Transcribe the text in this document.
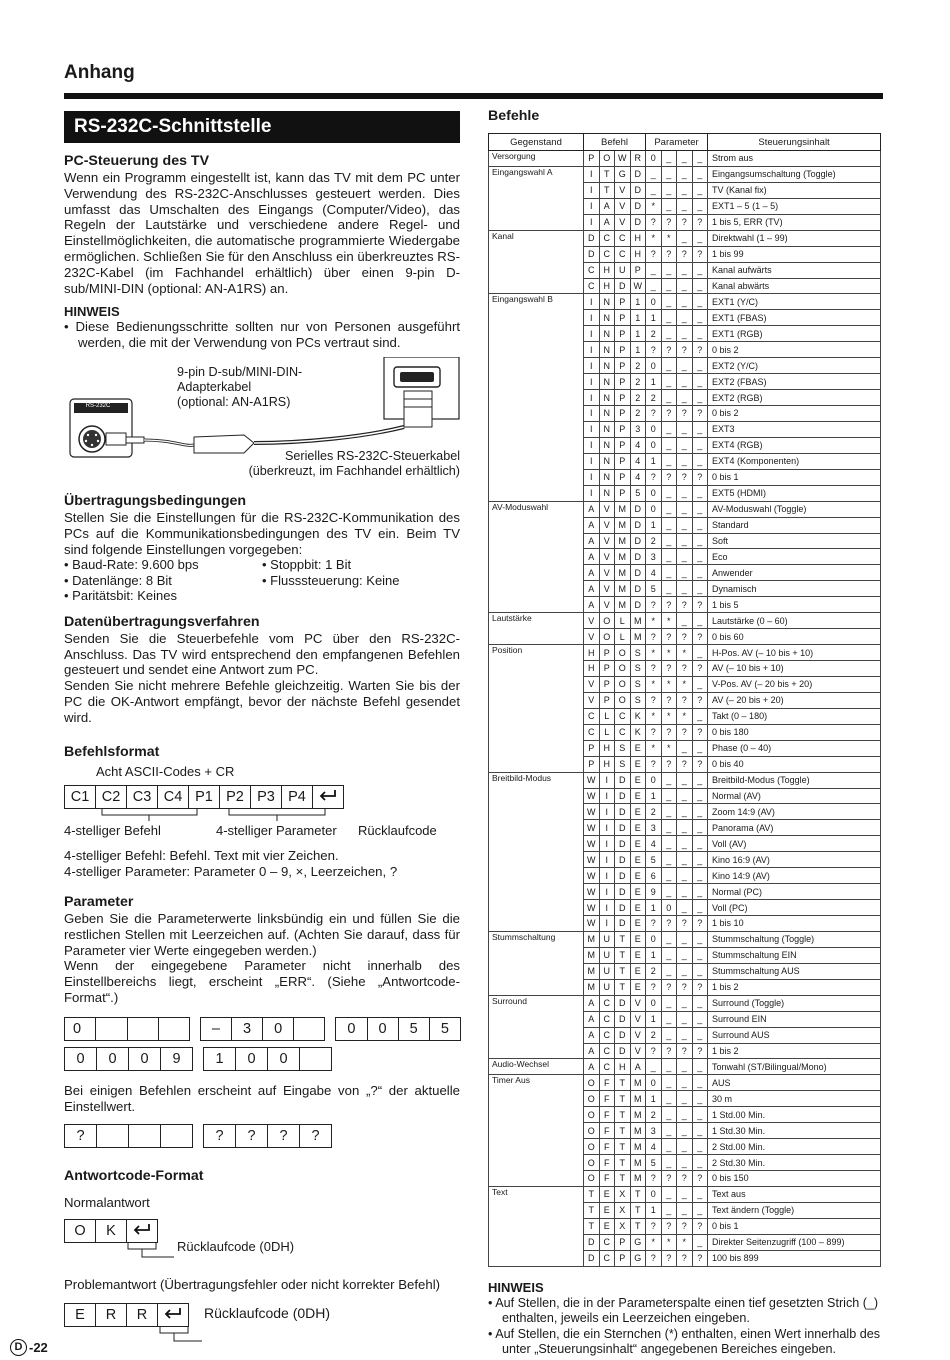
Anhang
RS-232C-Schnittstelle
PC-Steuerung des TV

Wenn ein Programm eingestellt ist, kann das TV mit dem PC unter Verwendung des RS-232C-Anschlusses gesteuert werden. Dies umfasst das Umschalten des Eingangs (Computer/Video), das Regeln der Lautstärke und verschiedene andere Regel- und Einstellmöglichkeiten, die automatische programmierte Wiedergabe ermöglichen. Schließen Sie für den Anschluss ein überkreuztes RS-232C-Kabel (im Fachhandel erhältlich) über einen 9-pin D-sub/MINI-DIN (optional: AN-A1RS) an.

HINWEIS

• Diese Bedienungsschritte sollten nur von Personen ausgeführt werden, die mit der Verwendung von PCs vertraut sind.

9-pin D-sub/MINI-DIN-
Adapterkabel
(optional: AN-A1RS)
RS-232C
Serielles RS-232C-Steuerkabel
(überkreuzt, im Fachhandel erhältlich)
Übertragungsbedingungen

Stellen Sie die Einstellungen für die RS-232C-Kommunikation des PCs auf die Kommunikationsbedingungen des TV ein. Beim TV sind folgende Einstellungen vorgegeben:

• Baud-Rate: 9.600 bps	• Stoppbit: 1 Bit
• Datenlänge: 8 Bit	• Flusssteuerung: Keine
• Paritätsbit: Keines
Datenübertragungsverfahren

Senden Sie die Steuerbefehle vom PC über den RS-232C-Anschluss. Das TV wird entsprechend den empfangenen Befehlen gesteuert und sendet eine Antwort zum PC.

Senden Sie nicht mehrere Befehle gleichzeitig. Warten Sie bis der PC die OK-Antwort empfängt, bevor der nächste Befehl gesendet wird.

Befehlsformat
Acht ASCII-Codes + CR
C1 C2 C3 C4 P1 P2 P3 P4
4-stelliger Befehl	4-stelliger Parameter Rücklaufcode

4-stelliger Befehl: Befehl. Text mit vier Zeichen.

4-stelliger Parameter: Parameter 0 – 9, ×, Leerzeichen, ?

Parameter

Geben Sie die Parameterwerte linksbündig ein und füllen Sie die restlichen Stellen mit Leerzeichen auf. (Achten Sie darauf, dass für Parameter vier Werte eingegeben werden.)

Wenn der eingegebene Parameter nicht innerhalb des Einstellbereichs liegt, erscheint „ERR“. (Siehe „Antwortcode-Format“.)

0	–	3	0	0	0	5	5
0	0	0	9	1	0	0

Bei einigen Befehlen erscheint auf Eingabe von „?“ der aktuelle Einstellwert.

?	?	?	?	?
Antwortcode-Format

Normalantwort

O	K
Rücklaufcode (0DH)

Problemantwort (Übertragungsfehler oder nicht korrekter Befehl)

E	R	R	Rücklaufcode (0DH)
Befehle
Gegenstand	Befehl				Parameter				Steuerungsinhalt
Versorgung	P	O	W	R	0	_	_	_	Strom aus
Eingangswahl A	I	T	G	D	_	_	_	_	Eingangsumschaltung (Toggle)
	I	T	V	D	_	_	_	_	TV (Kanal fix)
	I	A	V	D	*	_	_	_	EXT1 – 5 (1 – 5)
	I	A	V	D	?	?	?	?	1 bis 5, ERR (TV)
Kanal	D	C	C	H	*	*	_	_	Direktwahl (1 – 99)
	D	C	C	H	?	?	?	?	1 bis 99
	C	H	U	P	_	_	_	_	Kanal aufwärts
	C	H	D	W	_	_	_	_	Kanal abwärts
Eingangswahl B	I	N	P	1	0	_	_	_	EXT1 (Y/C)
	I	N	P	1	1	_	_	_	EXT1 (FBAS)
	I	N	P	1	2	_	_	_	EXT1 (RGB)
	I	N	P	1	?	?	?	?	0 bis 2
	I	N	P	2	0	_	_	_	EXT2 (Y/C)
	I	N	P	2	1	_	_	_	EXT2 (FBAS)
	I	N	P	2	2	_	_	_	EXT2 (RGB)
	I	N	P	2	?	?	?	?	0 bis 2
	I	N	P	3	0	_	_	_	EXT3
	I	N	P	4	0	_	_	_	EXT4 (RGB)
	I	N	P	4	1	_	_	_	EXT4 (Komponenten)
	I	N	P	4	?	?	?	?	0 bis 1
	I	N	P	5	0	_	_	_	EXT5 (HDMI)
AV-Moduswahl	A	V	M	D	0	_	_	_	AV-Moduswahl (Toggle)
	A	V	M	D	1	_	_	_	Standard
	A	V	M	D	2	_	_	_	Soft
	A	V	M	D	3	_	_	_	Eco
	A	V	M	D	4	_	_	_	Anwender
	A	V	M	D	5	_	_	_	Dynamisch
	A	V	M	D	?	?	?	?	1 bis 5
Lautstärke	V	O	L	M	*	*	_	_	Lautstärke (0 – 60)
	V	O	L	M	?	?	?	?	0 bis 60
Position	H	P	O	S	*	*	*	_	H-Pos. AV (– 10 bis + 10)
	H	P	O	S	?	?	?	?	AV (– 10 bis + 10)
	V	P	O	S	*	*	*	_	V-Pos. AV (– 20 bis + 20)
	V	P	O	S	?	?	?	?	AV (– 20 bis + 20)
	C	L	C	K	*	*	*	_	Takt (0 – 180)
	C	L	C	K	?	?	?	?	0 bis 180
	P	H	S	E	*	*	_	_	Phase (0 – 40)
	P	H	S	E	?	?	?	?	0 bis 40
Breitbild-Modus	W	I	D	E	0	_	_	_	Breitbild-Modus (Toggle)
	W	I	D	E	1	_	_	_	Normal (AV)
	W	I	D	E	2	_	_	_	Zoom 14:9 (AV)
	W	I	D	E	3	_	_	_	Panorama (AV)
	W	I	D	E	4	_	_	_	Voll (AV)
	W	I	D	E	5	_	_	_	Kino 16:9 (AV)
	W	I	D	E	6	_	_	_	Kino 14:9 (AV)
	W	I	D	E	9	_	_	_	Normal (PC)
	W	I	D	E	1	0	_	_	Voll (PC)
	W	I	D	E	?	?	?	?	1 bis 10
Stummschaltung	M	U	T	E	0	_	_	_	Stummschaltung (Toggle)
	M	U	T	E	1	_	_	_	Stummschaltung EIN
	M	U	T	E	2	_	_	_	Stummschaltung AUS
	M	U	T	E	?	?	?	?	1 bis 2
Surround	A	C	D	V	0	_	_	_	Surround (Toggle)
	A	C	D	V	1	_	_	_	Surround EIN
	A	C	D	V	2	_	_	_	Surround AUS
	A	C	D	V	?	?	?	?	1 bis 2
Audio-Wechsel	A	C	H	A	_	_	_	_	Tonwahl (ST/Bilingual/Mono)
Timer Aus	O	F	T	M	0	_	_	_	AUS
	O	F	T	M	1	_	_	_	30 m
	O	F	T	M	2	_	_	_	1 Std.00 Min.
	O	F	T	M	3	_	_	_	1 Std.30 Min.
	O	F	T	M	4	_	_	_	2 Std.00 Min.
	O	F	T	M	5	_	_	_	2 Std.30 Min.
	O	F	T	M	?	?	?	?	0 bis 150
Text	T	E	X	T	0	_	_	_	Text aus
	T	E	X	T	1	_	_	_	Text ändern (Toggle)
	T	E	X	T	?	?	?	?	0 bis 1
	D	C	P	G	*	*	*	_	Direkter Seitenzugriff (100 – 899)
	D	C	P	G	?	?	?	?	100 bis 899
HINWEIS
• Auf Stellen, die in der Parameterspalte einen tief gesetzten Strich (_) enthalten, jeweils ein Leerzeichen eingeben.
• Auf Stellen, die ein Sternchen (*) enthalten, einen Wert innerhalb des unter „Steuerungsinhalt“ angegebenen Bereiches eingeben.
D -22
